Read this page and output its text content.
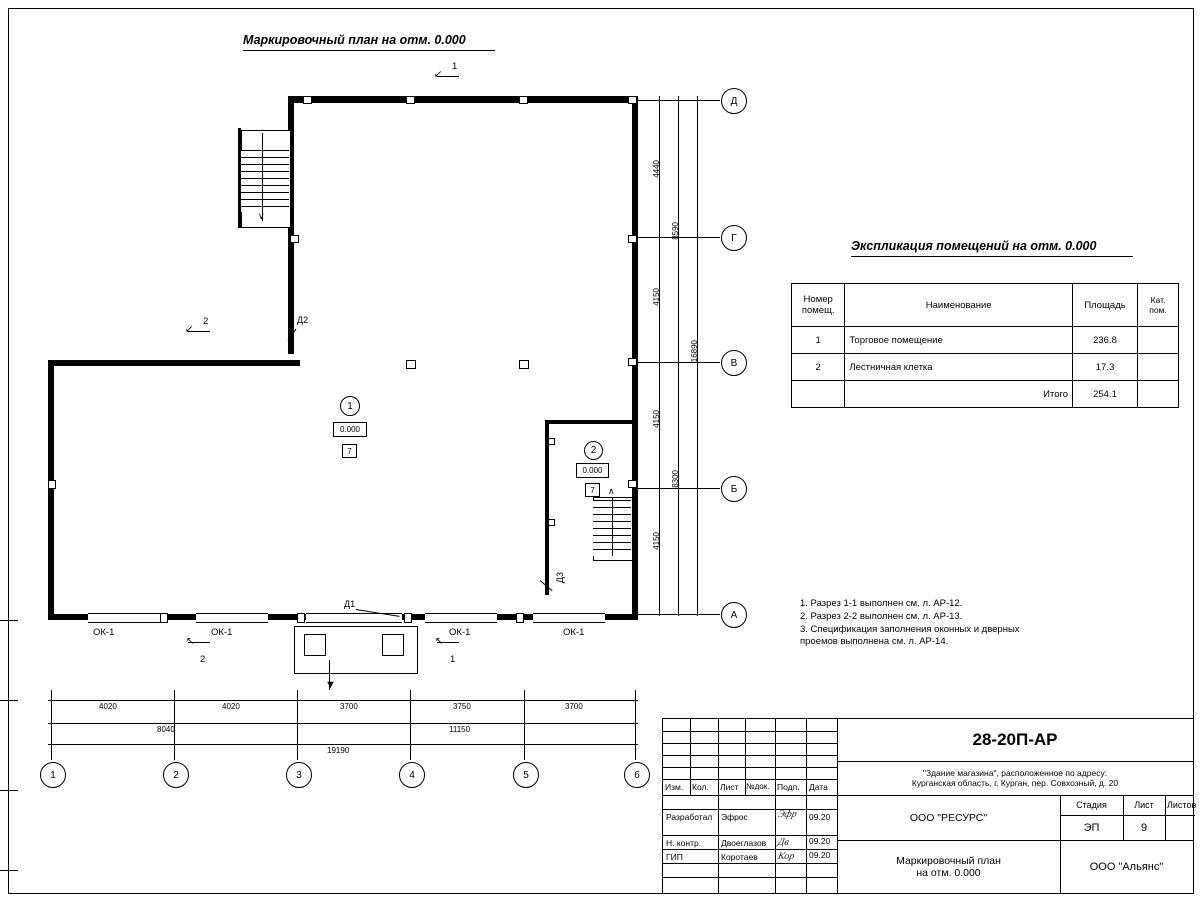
Маркировочный план на отм. 0.000
▼
∨
∧
Д2
Д3
Д1
ОК-1	ОК-1	ОК-1	ОК-1
1
0.000
7	2
0.000
7
1
↙
2
↙
2
↖
1
↖
Д
Г
В
Б
А
4440
8590
4150
16890
4150
8300
4150
1	2	3	4	5	6
4020	4020	3700	3750	3700
8040	11150
19190
Экспликация помещений на отм. 0.000
Номер помещ.	Наименование	Площадь	Кат. пом.
1	Торговое помещение	236.8	
2	Лестничная клетка	17.3	
	Итого	254.1	
1. Разрез 1-1 выполнен см. л. АР-12.
2. Разрез 2-2 выполнен см. л. АР-13.
3. Спецификация заполнения оконных и дверных
проемов выполнена см. л. АР-14.
Изм. Кол. Лист №док. Подп. Дата
Разработал Эфрос	Эфр 09.20
Н. контр. Двоеглазов Дв 09.20
ГИП	Коротаев Кор 09.20
28-20П-АР
"Здание магазина", расположенное по адресу:
Курганская область, г. Курган, пер. Совхозный, д. 20
ООО "РЕСУРС"
Маркировочный план
на отм. 0.000
Стадия	Лист Листов
ЭП	9
ООО "Альянс"
